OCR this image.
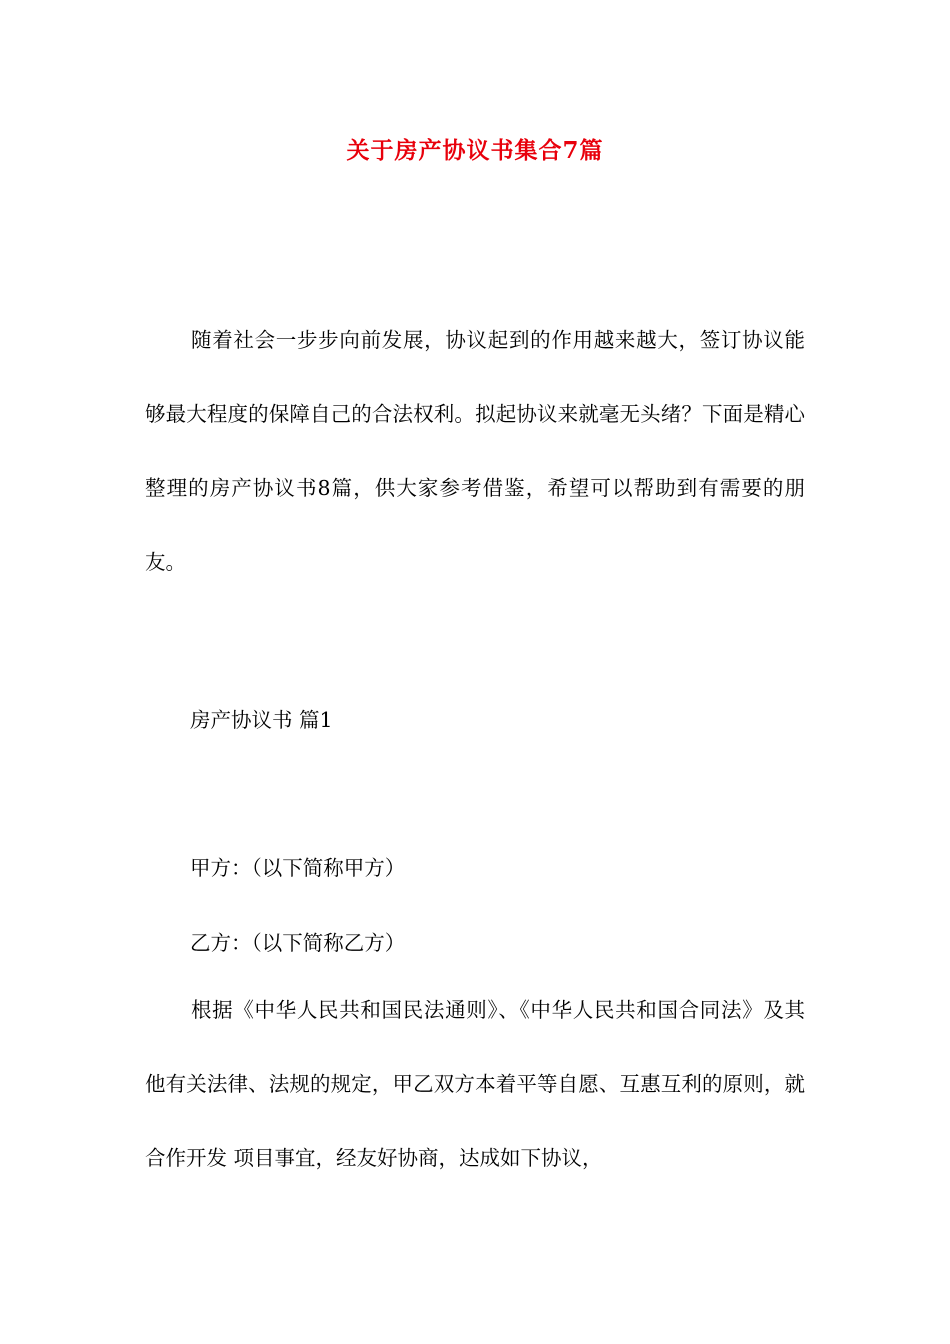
关于房产协议书集合7篇
随着社会一步步向前发展，协议起到的作用越来越大，签订协议能够最大程度的保障自己的合法权利。拟起协议来就毫无头绪？下面是精心整理的房产协议书8篇，供大家参考借鉴，希望可以帮助到有需要的朋友。
房产协议书 篇1
甲方：（以下简称甲方）
乙方：（以下简称乙方）
根据《中华人民共和国民法通则》、《中华人民共和国合同法》及其他有关法律、法规的规定，甲乙双方本着平等自愿、互惠互利的原则，就合作开发 项目事宜，经友好协商，达成如下协议，
